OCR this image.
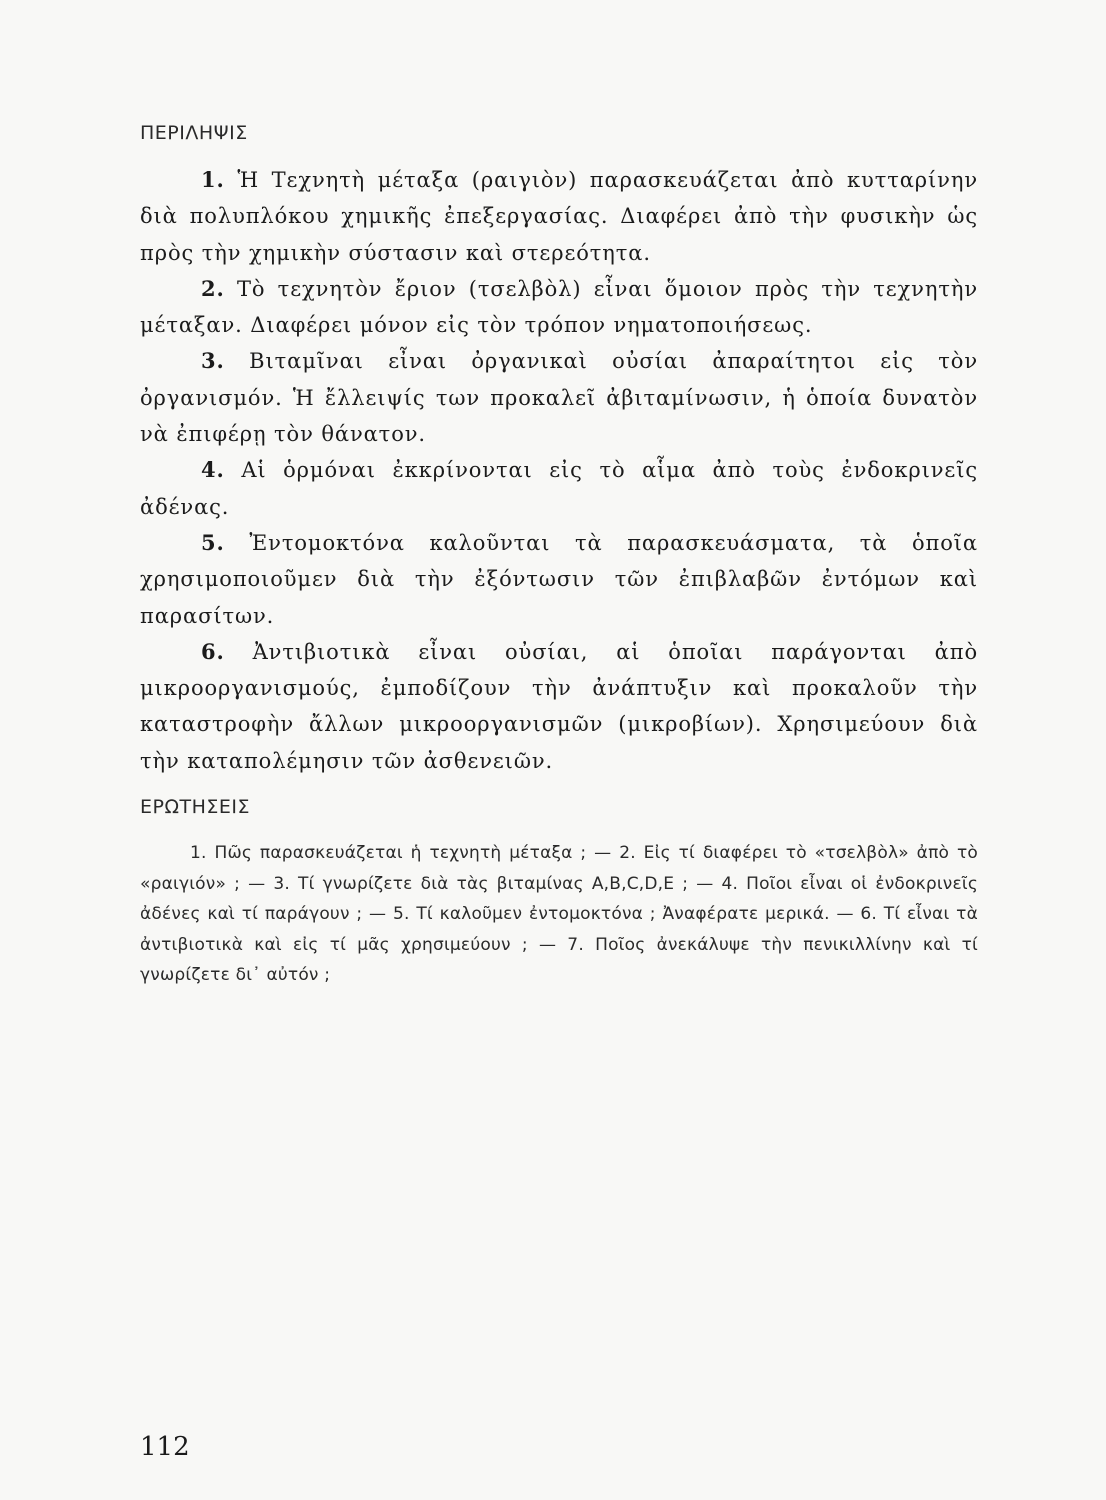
ΠΕΡΙΛΗΨΙΣ

1. Ἡ Τεχνητὴ μέταξα (ραιγιὸν) παρασκευάζεται ἀπὸ κυτταρίνην διὰ πολυπλόκου χημικῆς ἐπεξεργασίας. Διαφέρει ἀπὸ τὴν φυσικὴν ὡς πρὸς τὴν χημικὴν σύστασιν καὶ στερεότητα.

2. Τὸ τεχνητὸν ἔριον (τσελβὸλ) εἶναι ὅμοιον πρὸς τὴν τεχνητὴν μέταξαν. Διαφέρει μόνον εἰς τὸν τρόπον νηματοποιήσεως.

3. Βιταμῖναι εἶναι ὀργανικαὶ οὐσίαι ἀπαραίτητοι εἰς τὸν ὀργανισμόν. Ἡ ἔλλειψίς των προκαλεῖ ἀβιταμίνωσιν, ἡ ὁποία δυνατὸν νὰ ἐπιφέρῃ τὸν θάνατον.

4. Αἱ ὁρμόναι ἐκκρίνονται εἰς τὸ αἷμα ἀπὸ τοὺς ἐνδοκρινεῖς ἀδένας.

5. Ἐντομοκτόνα καλοῦνται τὰ παρασκευάσματα, τὰ ὁποῖα χρησιμοποιοῦμεν διὰ τὴν ἐξόντωσιν τῶν ἐπιβλαβῶν ἐντόμων καὶ παρασίτων.

6. Ἀντιβιοτικὰ εἶναι οὐσίαι, αἱ ὁποῖαι παράγονται ἀπὸ μικροοργανισμούς, ἐμποδίζουν τὴν ἀνάπτυξιν καὶ προκαλοῦν τὴν καταστροφὴν ἄλλων μικροοργανισμῶν (μικροβίων). Χρησιμεύουν διὰ τὴν καταπολέμησιν τῶν ἀσθενειῶν.

ΕΡΩΤΗΣΕΙΣ

1. Πῶς παρασκευάζεται ἡ τεχνητὴ μέταξα ; — 2. Εἰς τί διαφέρει τὸ «τσελβὸλ» ἀπὸ τὸ «ραιγιόν» ; — 3. Τί γνωρίζετε διὰ τὰς βιταμίνας A,B,C,D,E ; — 4. Ποῖοι εἶναι οἱ ἐνδοκρινεῖς ἀδένες καὶ τί παράγουν ; — 5. Τί καλοῦμεν ἐντομοκτόνα ; Ἀναφέρατε μερικά. — 6. Τί εἶναι τὰ ἀντιβιοτικὰ καὶ εἰς τί μᾶς χρησιμεύουν ; — 7. Ποῖος ἀνεκάλυψε τὴν πενικιλλίνην καὶ τί γνωρίζετε δι᾽ αὐτόν ;

112
